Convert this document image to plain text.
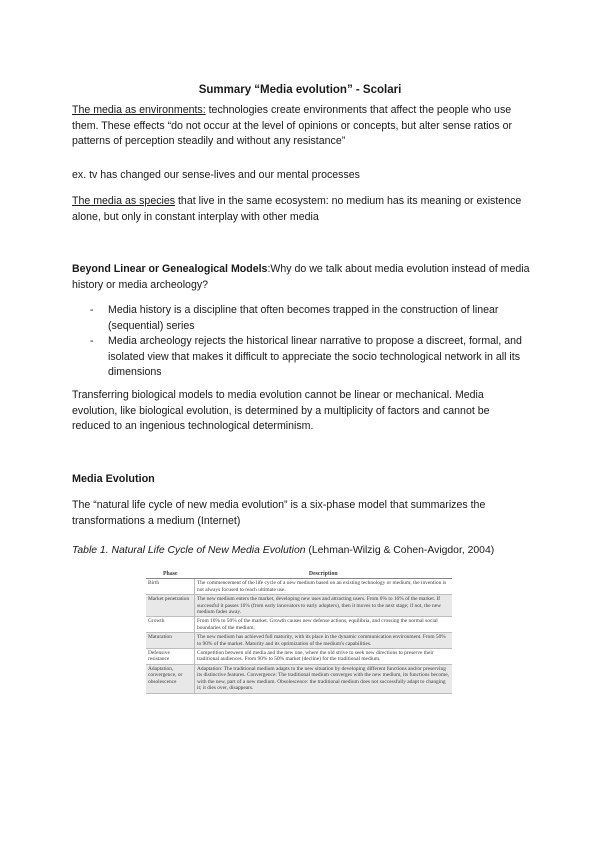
Summary “Media evolution” - Scolari
The media as environments: technologies create environments that affect the people who use them. These effects “do not occur at the level of opinions or concepts, but alter sense ratios or patterns of perception steadily and without any resistance”
ex. tv has changed our sense-lives and our mental processes
The media as species that live in the same ecosystem: no medium has its meaning or existence alone, but only in constant interplay with other media
Beyond Linear or Genealogical Models:Why do we talk about media evolution instead of media history or media archeology?
- Media history is a discipline that often becomes trapped in the construction of linear (sequential) series
- Media archeology rejects the historical linear narrative to propose a discreet, formal, and isolated view that makes it difficult to appreciate the socio technological network in all its dimensions
Transferring biological models to media evolution cannot be linear or mechanical. Media evolution, like biological evolution, is determined by a multiplicity of factors and cannot be reduced to an ingenious technological determinism.
Media Evolution
The “natural life cycle of new media evolution” is a six-phase model that summarizes the transformations a medium (Internet)
Table 1. Natural Life Cycle of New Media Evolution (Lehman-Wilzig & Cohen-Avigdor, 2004)
Phase	Description
Birth	The commencement of the life cycle of a new medium based on an existing technology or medium; the invention is not always focused to reach ultimate use.
Market penetration	The new medium enters the market, developing new uses and attracting users. From 0% to 16% of the market. If successful it passes 16% (from early innovators to early adopters), then it moves to the next stage; if not, the new medium fades away.
Growth	From 16% to 50% of the market. Growth causes new defense actions, equilibria, and crossing the normal social boundaries of the medium.
Maturation	The new medium has achieved full maturity, with its place in the dynamic communication environment. From 50% to 90% of the market. Maturity and its optimization of the medium's capabilities.
Defensive resistance	Competition between old media and the new one, where the old strive to seek new directions to preserve their traditional audiences. From 90% to 50% market (decline) for the traditional medium.
Adaptation, convergence, or obsolescence	Adaptation: The traditional medium adapts to the new situation by developing different functions and/or preserving its distinctive features. Convergence: The traditional medium converges with the new medium, its functions become, with the new, part of a new medium. Obsolescence: the traditional medium does not successfully adapt to changing it; it dies over, disappears.
